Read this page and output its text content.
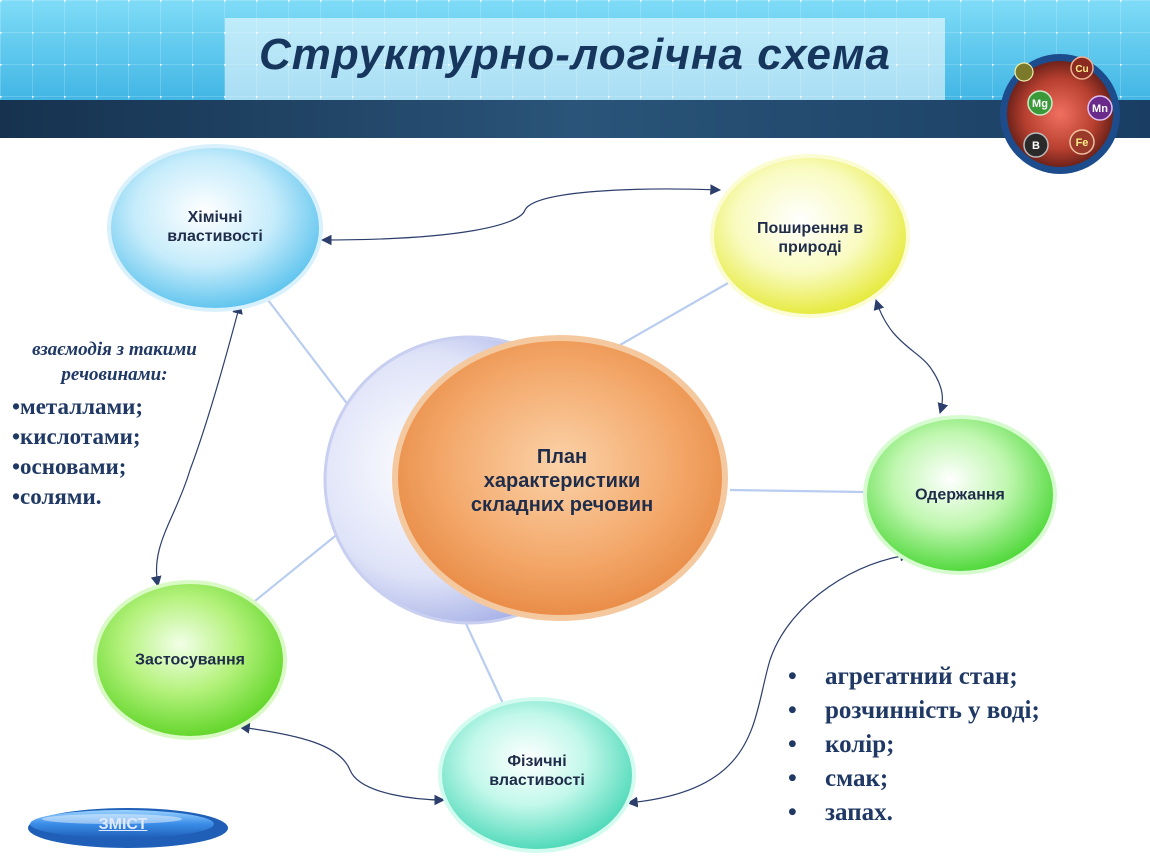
Mg
Cu
Mn
B	Fe
Структурно-логічна схема
План
характеристики
складних речовин
Хімічні
властивості	Поширення в
природі
Одержання
Застосування
Фізичні
властивості
взаємодія з такими
речовинами:
•металлами;
•кислотами;
•основами;
•солями.
• агрегатний стан;
• розчинність у воді;
• колір;
• смак;
• запах.
ЗМІСТ
